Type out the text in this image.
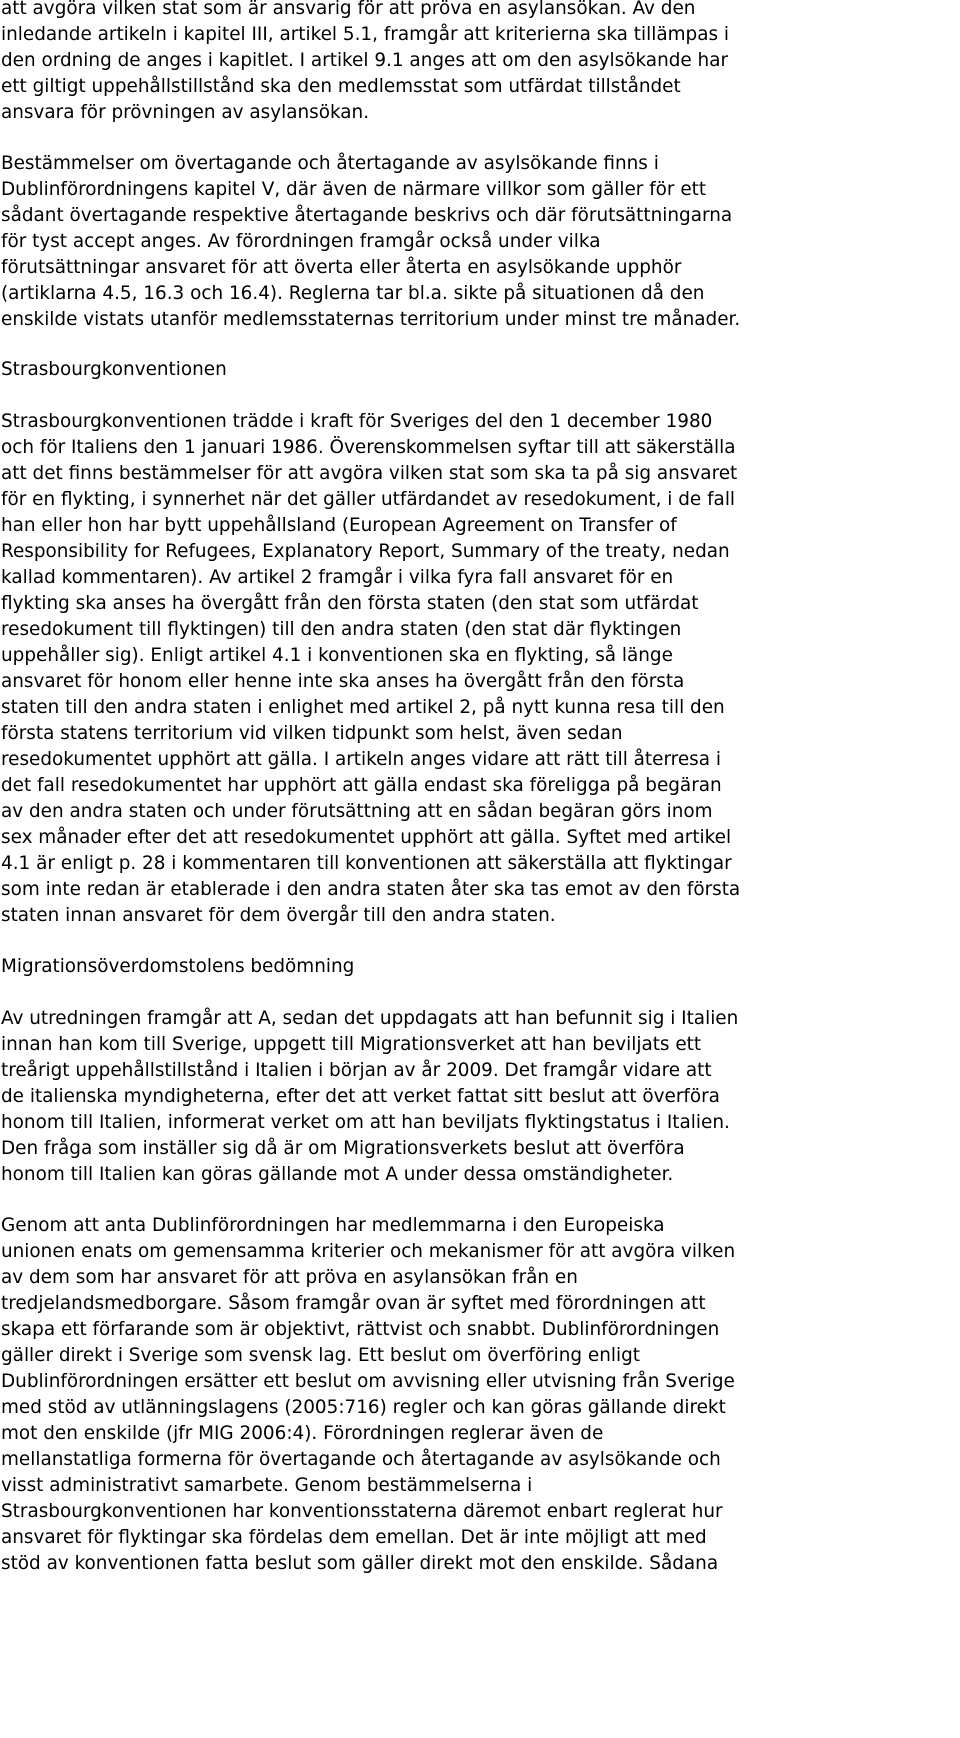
att avgöra vilken stat som är ansvarig för att pröva en asylansökan. Av den
inledande artikeln i kapitel III, artikel 5.1, framgår att kriterierna ska tillämpas i
den ordning de anges i kapitlet. I artikel 9.1 anges att om den asylsökande har
ett giltigt uppehållstillstånd ska den medlemsstat som utfärdat tillståndet
ansvara för prövningen av asylansökan.
Bestämmelser om övertagande och återtagande av asylsökande finns i
Dublinförordningens kapitel V, där även de närmare villkor som gäller för ett
sådant övertagande respektive återtagande beskrivs och där förutsättningarna
för tyst accept anges. Av förordningen framgår också under vilka
förutsättningar ansvaret för att överta eller återta en asylsökande upphör
(artiklarna 4.5, 16.3 och 16.4). Reglerna tar bl.a. sikte på situationen då den
enskilde vistats utanför medlemsstaternas territorium under minst tre månader.
Strasbourgkonventionen
Strasbourgkonventionen trädde i kraft för Sveriges del den 1 december 1980
och för Italiens den 1 januari 1986. Överenskommelsen syftar till att säkerställa
att det finns bestämmelser för att avgöra vilken stat som ska ta på sig ansvaret
för en flykting, i synnerhet när det gäller utfärdandet av resedokument, i de fall
han eller hon har bytt uppehållsland (European Agreement on Transfer of
Responsibility for Refugees, Explanatory Report, Summary of the treaty, nedan
kallad kommentaren). Av artikel 2 framgår i vilka fyra fall ansvaret för en
flykting ska anses ha övergått från den första staten (den stat som utfärdat
resedokument till flyktingen) till den andra staten (den stat där flyktingen
uppehåller sig). Enligt artikel 4.1 i konventionen ska en flykting, så länge
ansvaret för honom eller henne inte ska anses ha övergått från den första
staten till den andra staten i enlighet med artikel 2, på nytt kunna resa till den
första statens territorium vid vilken tidpunkt som helst, även sedan
resedokumentet upphört att gälla. I artikeln anges vidare att rätt till återresa i
det fall resedokumentet har upphört att gälla endast ska föreligga på begäran
av den andra staten och under förutsättning att en sådan begäran görs inom
sex månader efter det att resedokumentet upphört att gälla. Syftet med artikel
4.1 är enligt p. 28 i kommentaren till konventionen att säkerställa att flyktingar
som inte redan är etablerade i den andra staten åter ska tas emot av den första
staten innan ansvaret för dem övergår till den andra staten.
Migrationsöverdomstolens bedömning
Av utredningen framgår att A, sedan det uppdagats att han befunnit sig i Italien
innan han kom till Sverige, uppgett till Migrationsverket att han beviljats ett
treårigt uppehållstillstånd i Italien i början av år 2009. Det framgår vidare att
de italienska myndigheterna, efter det att verket fattat sitt beslut att överföra
honom till Italien, informerat verket om att han beviljats flyktingstatus i Italien.
Den fråga som inställer sig då är om Migrationsverkets beslut att överföra
honom till Italien kan göras gällande mot A under dessa omständigheter.
Genom att anta Dublinförordningen har medlemmarna i den Europeiska
unionen enats om gemensamma kriterier och mekanismer för att avgöra vilken
av dem som har ansvaret för att pröva en asylansökan från en
tredjelandsmedborgare. Såsom framgår ovan är syftet med förordningen att
skapa ett förfarande som är objektivt, rättvist och snabbt. Dublinförordningen
gäller direkt i Sverige som svensk lag. Ett beslut om överföring enligt
Dublinförordningen ersätter ett beslut om avvisning eller utvisning från Sverige
med stöd av utlänningslagens (2005:716) regler och kan göras gällande direkt
mot den enskilde (jfr MIG 2006:4). Förordningen reglerar även de
mellanstatliga formerna för övertagande och återtagande av asylsökande och
visst administrativt samarbete. Genom bestämmelserna i
Strasbourgkonventionen har konventionsstaterna däremot enbart reglerat hur
ansvaret för flyktingar ska fördelas dem emellan. Det är inte möjligt att med
stöd av konventionen fatta beslut som gäller direkt mot den enskilde. Sådana
